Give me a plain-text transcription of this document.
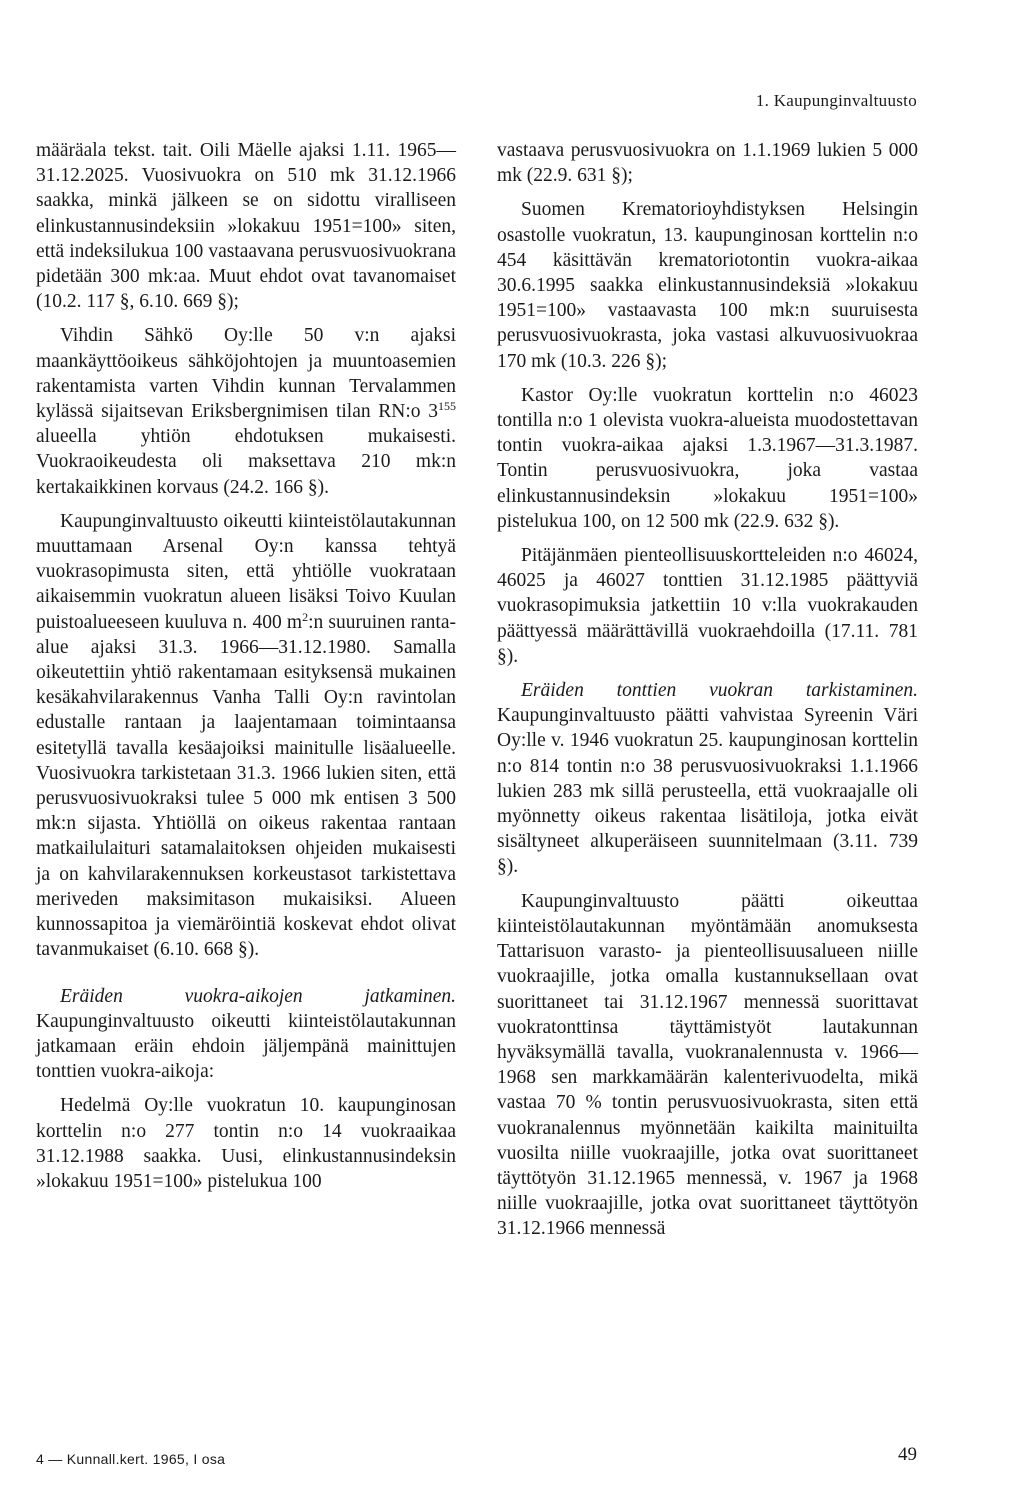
1. Kaupunginvaltuusto

määräala tekst. tait. Oili Mäelle ajaksi 1.11. 1965—31.12.2025. Vuosivuokra on 510 mk 31.12.1966 saakka, minkä jälkeen se on sidottu viralliseen elinkustannusindeksiin »lokakuu 1951=100» siten, että indeksilukua 100 vastaavana perusvuosivuokrana pidetään 300 mk:aa. Muut ehdot ovat tavanomaiset (10.2. 117 §, 6.10. 669 §);

Vihdin Sähkö Oy:lle 50 v:n ajaksi maankäyttöoikeus sähköjohtojen ja muuntoasemien rakentamista varten Vihdin kunnan Tervalammen kylässä sijaitsevan Eriksbergnimisen tilan RN:o $3^{155}$ alueella yhtiön ehdotuksen mukaisesti. Vuokraoikeudesta oli maksettava 210 mk:n kertakaikkinen korvaus (24.2. 166 §).

Kaupunginvaltuusto oikeutti kiinteistölautakunnan muuttamaan Arsenal Oy:n kanssa tehtyä vuokrasopimusta siten, että yhtiölle vuokrataan aikaisemmin vuokratun alueen lisäksi Toivo Kuulan puistoalueeseen kuuluva n. 400 $m^2:n$ suuruinen ranta-alue ajaksi 31.3. 1966—31.12.1980. Samalla oikeutettiin yhtiö rakentamaan esityksensä mukainen kesäkahvilarakennus Vanha Talli Oy:n ravintolan edustalle rantaan ja laajentamaan toimintaansa esitetyllä tavalla kesäajoiksi mainitulle lisäalueelle. Vuosivuokra tarkistetaan 31.3. 1966 lukien siten, että perusvuosivuokraksi tulee 5 000 mk entisen 3 500 mk:n sijasta. Yhtiöllä on oikeus rakentaa rantaan matkailulaituri satamalaitoksen ohjeiden mukaisesti ja on kahvilarakennuksen korkeustasot tarkistettava meriveden maksimitason mukaisiksi. Alueen kunnossapitoa ja viemäröintiä koskevat ehdot olivat tavanmukaiset (6.10. 668 §).

Eräiden vuokra-aikojen jatkaminen. Kaupunginvaltuusto oikeutti kiinteistölautakunnan jatkamaan eräin ehdoin jäljempänä mainittujen tonttien vuokra-aikoja:

Hedelmä Oy:lle vuokratun 10. kaupunginosan korttelin n:o 277 tontin n:o 14 vuokraaikaa 31.12.1988 saakka. Uusi, elinkustannusindeksin »lokakuu 1951=100» pistelukua 100

vastaava perusvuosivuokra on 1.1.1969 lukien 5 000 mk (22.9. 631 §);

Suomen Krematorioyhdistyksen Helsingin osastolle vuokratun, 13. kaupunginosan korttelin n:o 454 käsittävän krematoriotontin vuokra-aikaa 30.6.1995 saakka elinkustannusindeksiä »lokakuu 1951=100» vastaavasta 100 mk:n suuruisesta perusvuosivuokrasta, joka vastasi alkuvuosivuokraa 170 mk (10.3. 226 §);

Kastor Oy:lle vuokratun korttelin n:o 46023 tontilla n:o 1 olevista vuokra-alueista muodostettavan tontin vuokra-aikaa ajaksi 1.3.1967—31.3.1987. Tontin perusvuosivuokra, joka vastaa elinkustannusindeksin »lokakuu 1951=100» pistelukua 100, on 12 500 mk (22.9. 632 §).

Pitäjänmäen pienteollisuuskortteleiden n:o 46024, 46025 ja 46027 tonttien 31.12.1985 päättyviä vuokrasopimuksia jatkettiin 10 v:lla vuokrakauden päättyessä määrättävillä vuokraehdoilla (17.11. 781 §).

Eräiden tonttien vuokran tarkistaminen. Kaupunginvaltuusto päätti vahvistaa Syreenin Väri Oy:lle v. 1946 vuokratun 25. kaupunginosan korttelin n:o 814 tontin n:o 38 perusvuosivuokraksi 1.1.1966 lukien 283 mk sillä perusteella, että vuokraajalle oli myönnetty oikeus rakentaa lisätiloja, jotka eivät sisältyneet alkuperäiseen suunnitelmaan (3.11. 739 §).

Kaupunginvaltuusto päätti oikeuttaa kiinteistölautakunnan myöntämään anomuksesta Tattarisuon varasto- ja pienteollisuusalueen niille vuokraajille, jotka omalla kustannuksellaan ovat suorittaneet tai 31.12.1967 mennessä suorittavat vuokratonttinsa täyttämistyöt lautakunnan hyväksymällä tavalla, vuokranalennusta v. 1966—1968 sen markkamäärän kalenterivuodelta, mikä vastaa 70 % tontin perusvuosivuokrasta, siten että vuokranalennus myönnetään kaikilta mainituilta vuosilta niille vuokraajille, jotka ovat suorittaneet täyttötyön 31.12.1965 mennessä, v. 1967 ja 1968 niille vuokraajille, jotka ovat suorittaneet täyttötyön 31.12.1966 mennessä

4 — Kunnall.kert. 1965, I osa	49
